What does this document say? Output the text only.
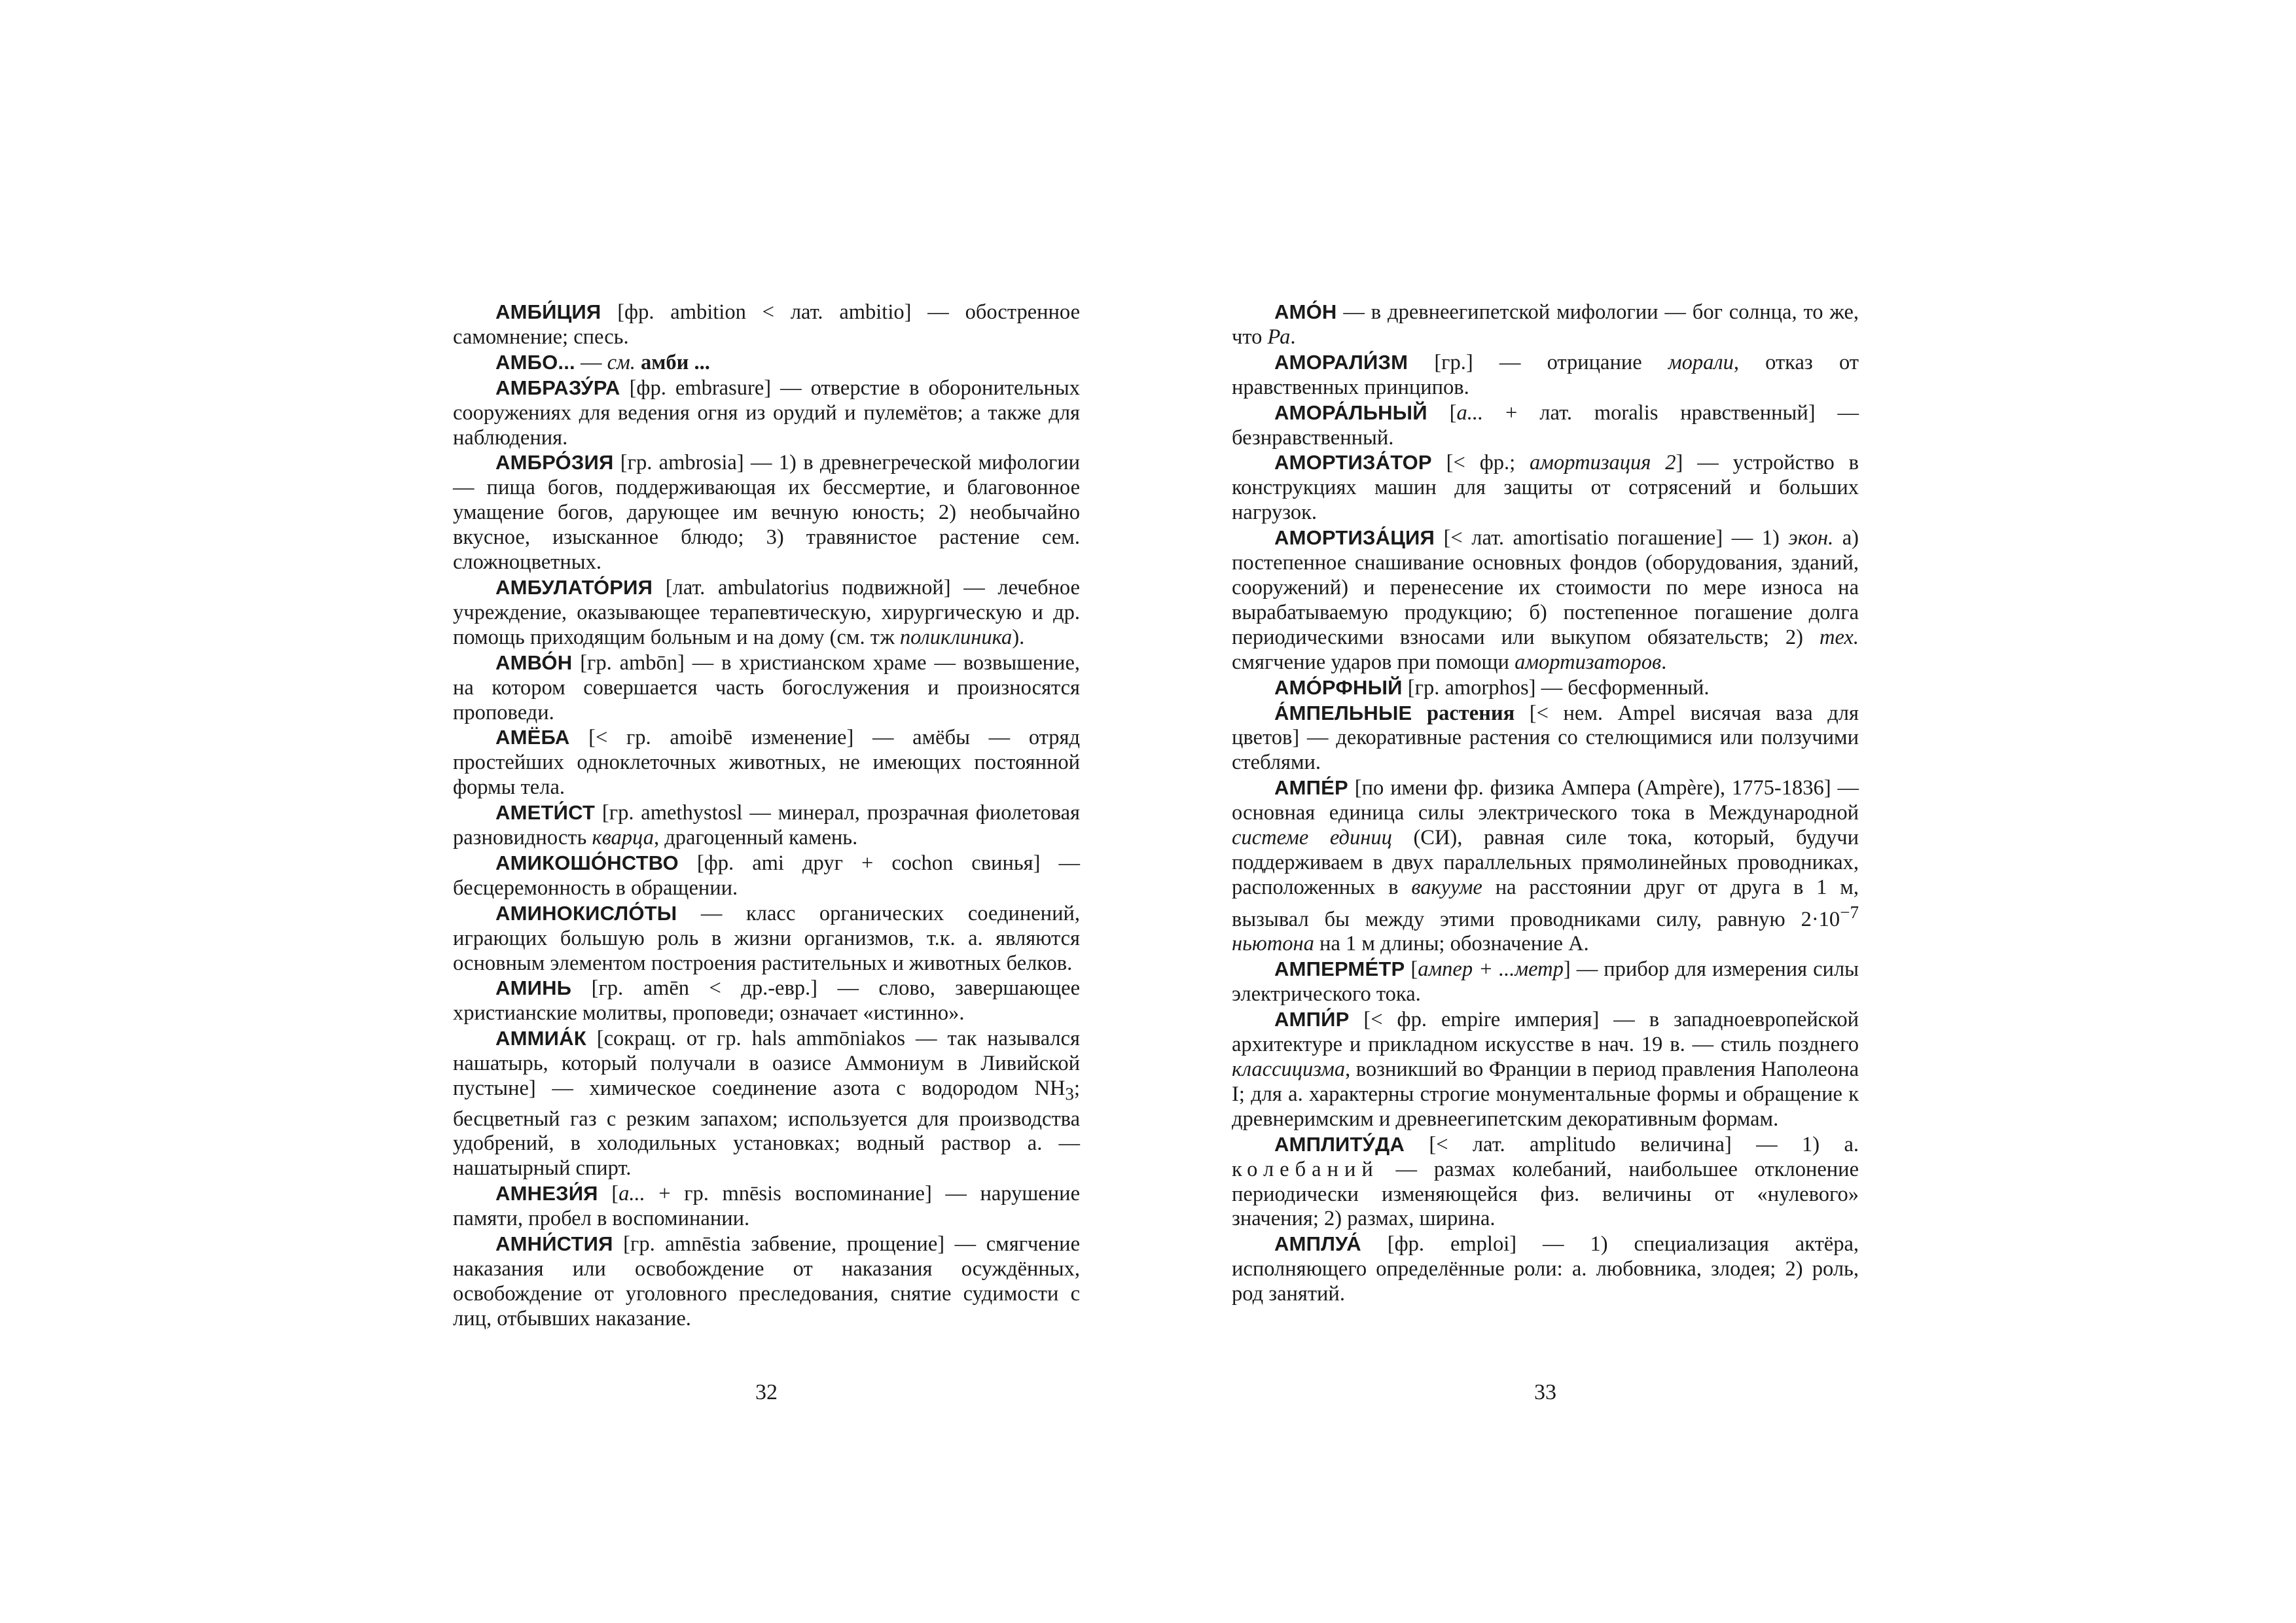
АМБИ́ЦИЯ [фр. ambition < лат. ambitio] — обостренное самомнение; спесь.

АМБО... — см. амби ...

АМБРАЗУ́РА [фр. embrasure] — отверстие в оборонительных сооружениях для ведения огня из орудий и пулемётов; а также для наблюдения.

АМБРО́ЗИЯ [гр. ambrosia] — 1) в древнегреческой мифологии — пища богов, поддерживающая их бессмертие, и благовонное умащение богов, дарующее им вечную юность; 2) необычайно вкусное, изысканное блюдо; 3) травянистое растение сем. сложноцветных.

АМБУЛАТО́РИЯ [лат. ambulatorius подвижной] — лечебное учреждение, оказывающее терапевтическую, хирургическую и др. помощь приходящим больным и на дому (см. тж поликлиника).

АМВО́Н [гр. ambōn] — в христианском храме — возвышение, на котором совершается часть богослужения и произносятся проповеди.

АМЁБА [< гр. amoibē изменение] — амёбы — отряд простейших одноклеточных животных, не имеющих постоянной формы тела.

АМЕТИ́СТ [гр. amethystosl — минерал, прозрачная фиолетовая разновидность кварца, драгоценный камень.

АМИКОШО́НСТВО [фр. ami друг + cochon свинья] — бесцеремонность в обращении.

АМИНОКИСЛО́ТЫ — класс органических соединений, играющих большую роль в жизни организмов, т.к. а. являются основным элементом построения растительных и животных белков.

АМИНЬ [гр. amēn < др.-евр.] — слово, завершающее христианские молитвы, проповеди; означает «истинно».

АММИА́К [сокращ. от гр. hals ammōniakos — так назывался нашатырь, который получали в оазисе Аммониум в Ливийской пустыне] — химическое соединение азота с водородом $NH_3$; бесцветный газ с резким запахом; используется для производства удобрений, в холодильных установках; водный раствор а. — нашатырный спирт.

АМНЕЗИ́Я [а... + гр. mnēsis воспоминание] — нарушение памяти, пробел в воспоминании.

АМНИ́СТИЯ [гр. amnēstia забвение, прощение] — смягчение наказания или освобождение от наказания осуждённых, освобождение от уголовного преследования, снятие судимости с лиц, отбывших наказание.

АМО́Н — в древнеегипетской мифологии — бог солнца, то же, что Ра.

АМОРАЛИ́ЗМ [гр.] — отрицание морали, отказ от нравственных принципов.

АМОРА́ЛЬНЫЙ [а... + лат. moralis нравственный] — безнравственный.

АМОРТИЗА́ТОР [< фр.; амортизация 2] — устройство в конструкциях машин для защиты от сотрясений и больших нагрузок.

АМОРТИЗА́ЦИЯ [< лат. amortisatio погашение] — 1) экон. а) постепенное снашивание основных фондов (оборудования, зданий, сооружений) и перенесение их стоимости по мере износа на вырабатываемую продукцию; б) постепенное погашение долга периодическими взносами или выкупом обязательств; 2) тех. смягчение ударов при помощи амортизаторов.

АМО́РФНЫЙ [гр. amorphos] — бесформенный.

А́МПЕЛЬНЫЕ растения [< нем. Ampel висячая ваза для цветов] — декоративные растения со стелющимися или ползучими стеблями.

АМПЕ́Р [по имени фр. физика Ампера (Ampère), 1775-1836] — основная единица силы электрического тока в Международной системе единиц (СИ), равная силе тока, который, будучи поддерживаем в двух параллельных прямолинейных проводниках, расположенных в вакууме на расстоянии друг от друга в 1 м, вызывал бы между этими проводниками силу, равную $2\cdot 10^{-7}$ ньютона на 1 м длины; обозначение А.

АМПЕРМЕ́ТР [ампер + ...метр] — прибор для измерения силы электрического тока.

АМПИ́Р [< фр. empire империя] — в западноевропейской архитектуре и прикладном искусстве в нач. 19 в. — стиль позднего классицизма, возникший во Франции в период правления Наполеона I; для а. характерны строгие монументальные формы и обращение к древнеримским и древнеегипетским декоративным формам.

АМПЛИТУ́ДА [< лат. amplitudo величина] — 1) а. колебаний — размах колебаний, наибольшее отклонение периодически изменяющейся физ. величины от «нулевого» значения; 2) размах, ширина.

АМПЛУА́ [фр. emploi] — 1) специализация актёра, исполняющего определённые роли: а. любовника, злодея; 2) роль, род занятий.

32	33
